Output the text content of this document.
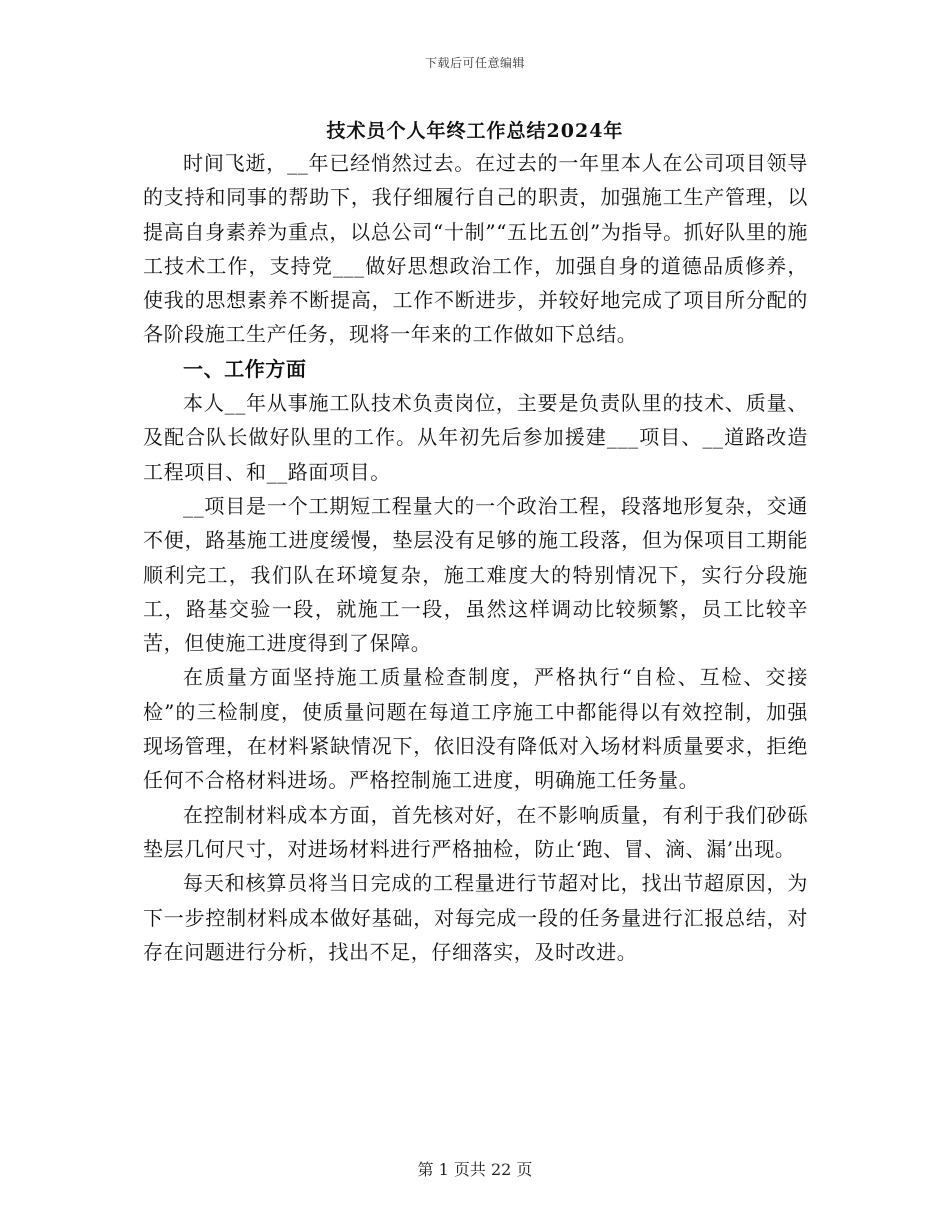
下载后可任意编辑
技术员个人年终工作总结2024年

时间飞逝，__年已经悄然过去。在过去的一年里本人在公司项目领导的支持和同事的帮助下，我仔细履行自己的职责，加强施工生产管理，以提高自身素养为重点，以总公司“十制”“五比五创”为指导。抓好队里的施工技术工作，支持党___做好思想政治工作，加强自身的道德品质修养，使我的思想素养不断提高，工作不断进步，并较好地完成了项目所分配的各阶段施工生产任务，现将一年来的工作做如下总结。

一、工作方面

本人__年从事施工队技术负责岗位，主要是负责队里的技术、质量、及配合队长做好队里的工作。从年初先后参加援建___项目、__道路改造工程项目、和__路面项目。

__项目是一个工期短工程量大的一个政治工程，段落地形复杂，交通不便，路基施工进度缓慢，垫层没有足够的施工段落，但为保项目工期能顺利完工，我们队在环境复杂，施工难度大的特别情况下，实行分段施工，路基交验一段，就施工一段，虽然这样调动比较频繁，员工比较辛苦，但使施工进度得到了保障。

在质量方面坚持施工质量检查制度，严格执行“自检、互检、交接检”的三检制度，使质量问题在每道工序施工中都能得以有效控制，加强现场管理，在材料紧缺情况下，依旧没有降低对入场材料质量要求，拒绝任何不合格材料进场。严格控制施工进度，明确施工任务量。

在控制材料成本方面，首先核对好，在不影响质量，有利于我们砂砾垫层几何尺寸，对进场材料进行严格抽检，防止‘跑、冒、滴、漏’出现。

每天和核算员将当日完成的工程量进行节超对比，找出节超原因，为下一步控制材料成本做好基础，对每完成一段的任务量进行汇报总结，对存在问题进行分析，找出不足，仔细落实，及时改进。

第 1 页共 22 页
